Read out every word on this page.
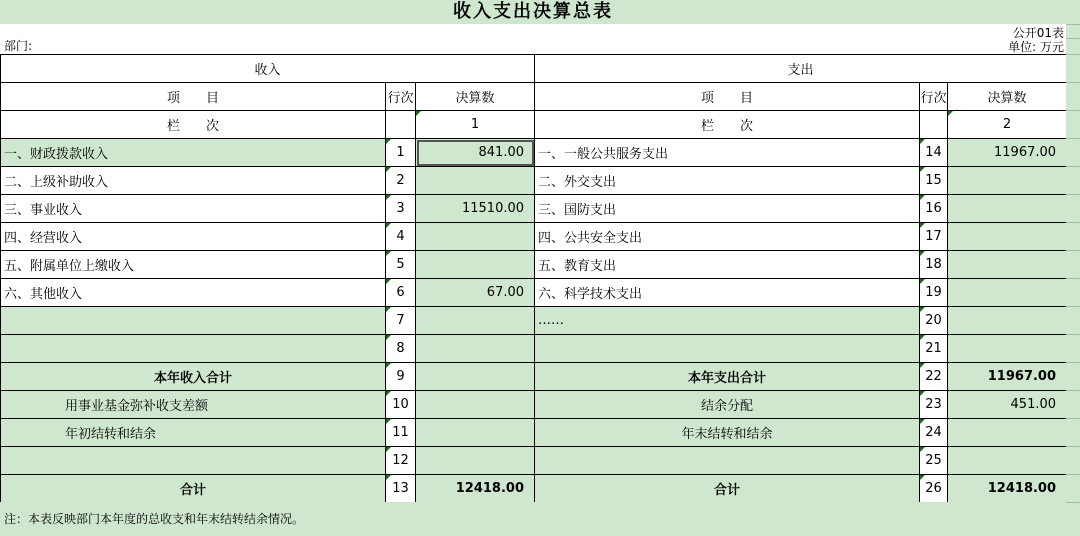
收入支出决算总表
部门:
公开01表
单位: 万元
收入			支出		
项　　目	行次	决算数	项　　目	行次	决算数
栏　　次		1	栏　　次		2
一、财政拨款收入	1	841.00	一、一般公共服务支出	14	11967.00
二、上级补助收入	2		二、外交支出	15	
三、事业收入	3	11510.00	三、国防支出	16	
四、经营收入	4		四、公共安全支出	17	
五、附属单位上缴收入	5		五、教育支出	18	
六、其他收入	6	67.00	六、科学技术支出	19	
	7		……	20	
	8			21	
本年收入合计	9		本年支出合计	22	11967.00
用事业基金弥补收支差额	10		结余分配	23	451.00
年初结转和结余	11		年末结转和结余	24	
	12			25	
合计	13	12418.00	合计	26	12418.00
注：本表反映部门本年度的总收支和年末结转结余情况。
